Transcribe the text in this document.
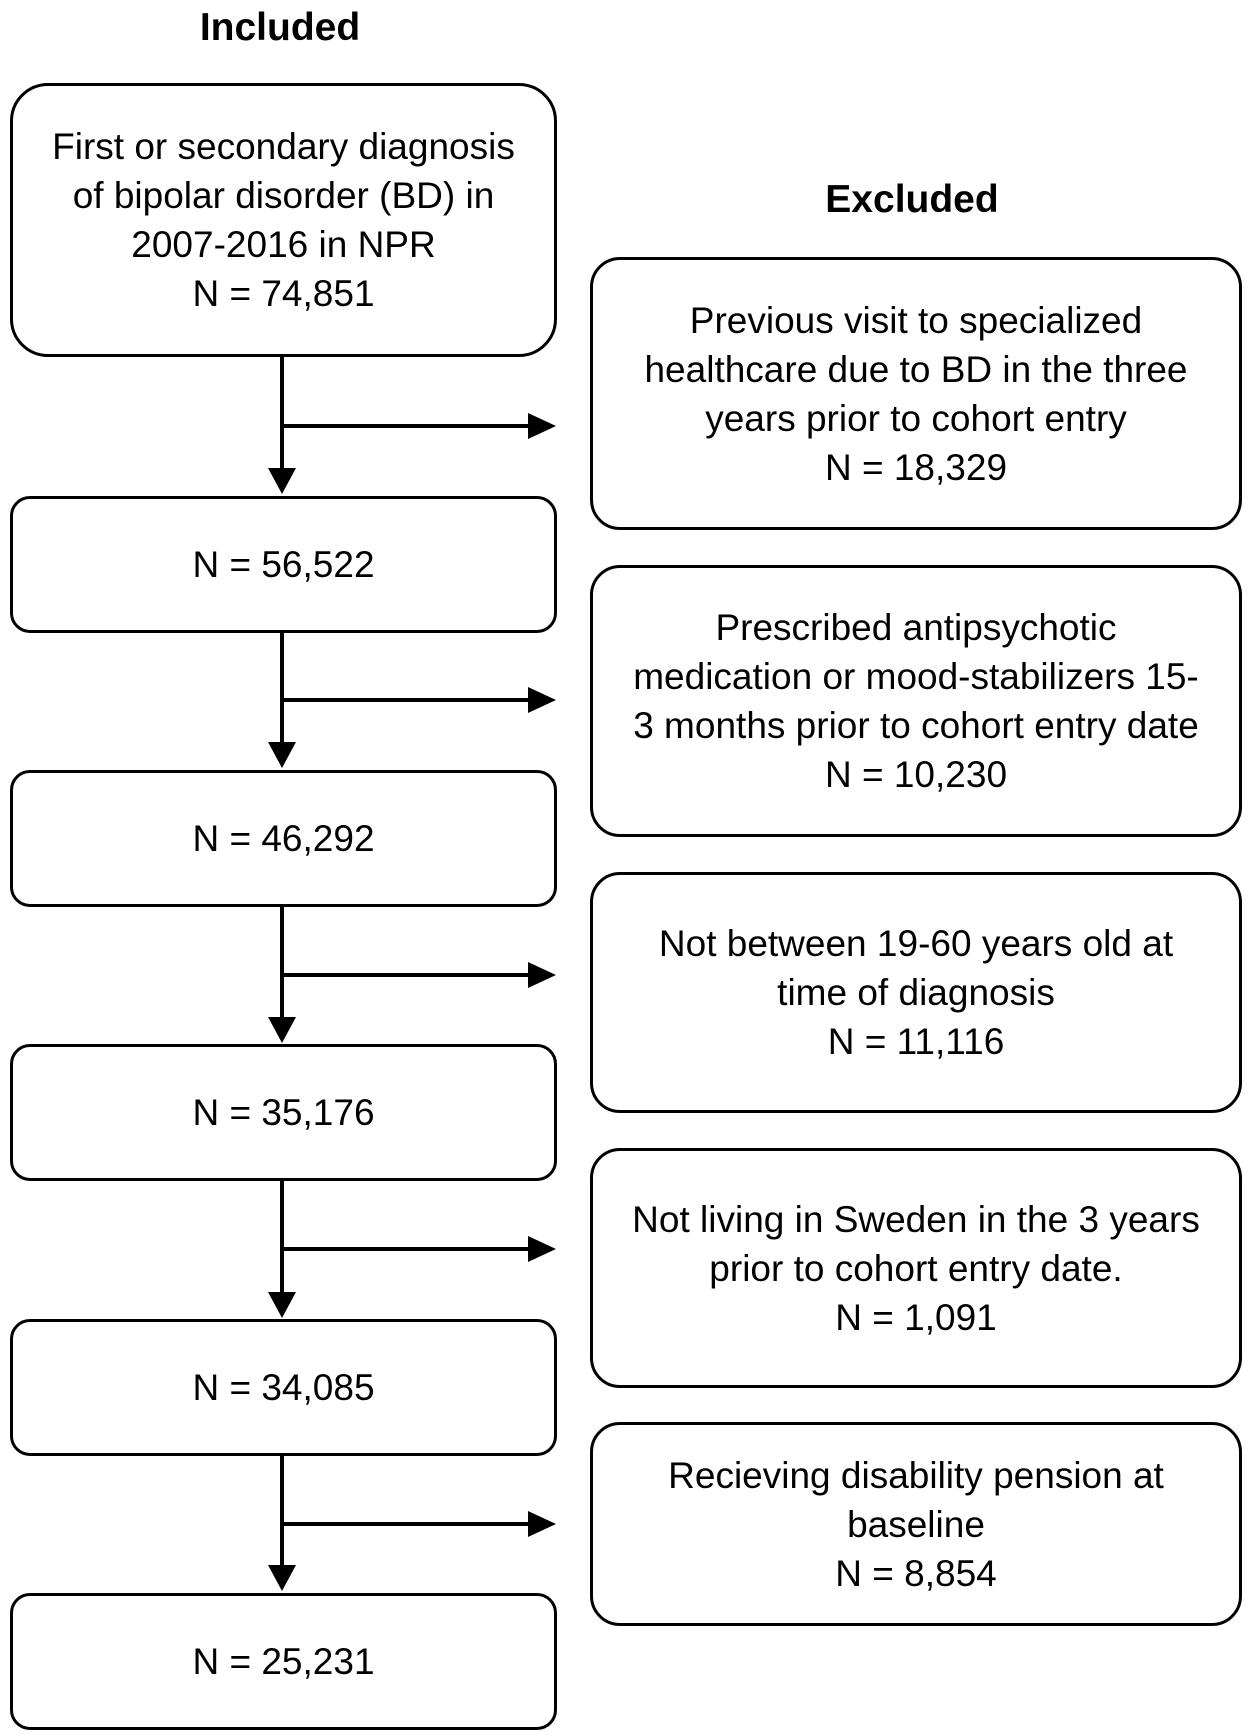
Included
Excluded
First or secondary diagnosis
of bipolar disorder (BD) in
2007-2016 in NPR
N = 74,851
N = 56,522
N = 46,292
N = 35,176
N = 34,085
N = 25,231
Previous visit to specialized
healthcare due to BD in the three
years prior to cohort entry
N = 18,329
Prescribed antipsychotic
medication or mood-stabilizers 15-
3 months prior to cohort entry date
N = 10,230
Not between 19-60 years old at
time of diagnosis
N = 11,116
Not living in Sweden in the 3 years
prior to cohort entry date.
N = 1,091
Recieving disability pension at
baseline
N = 8,854
